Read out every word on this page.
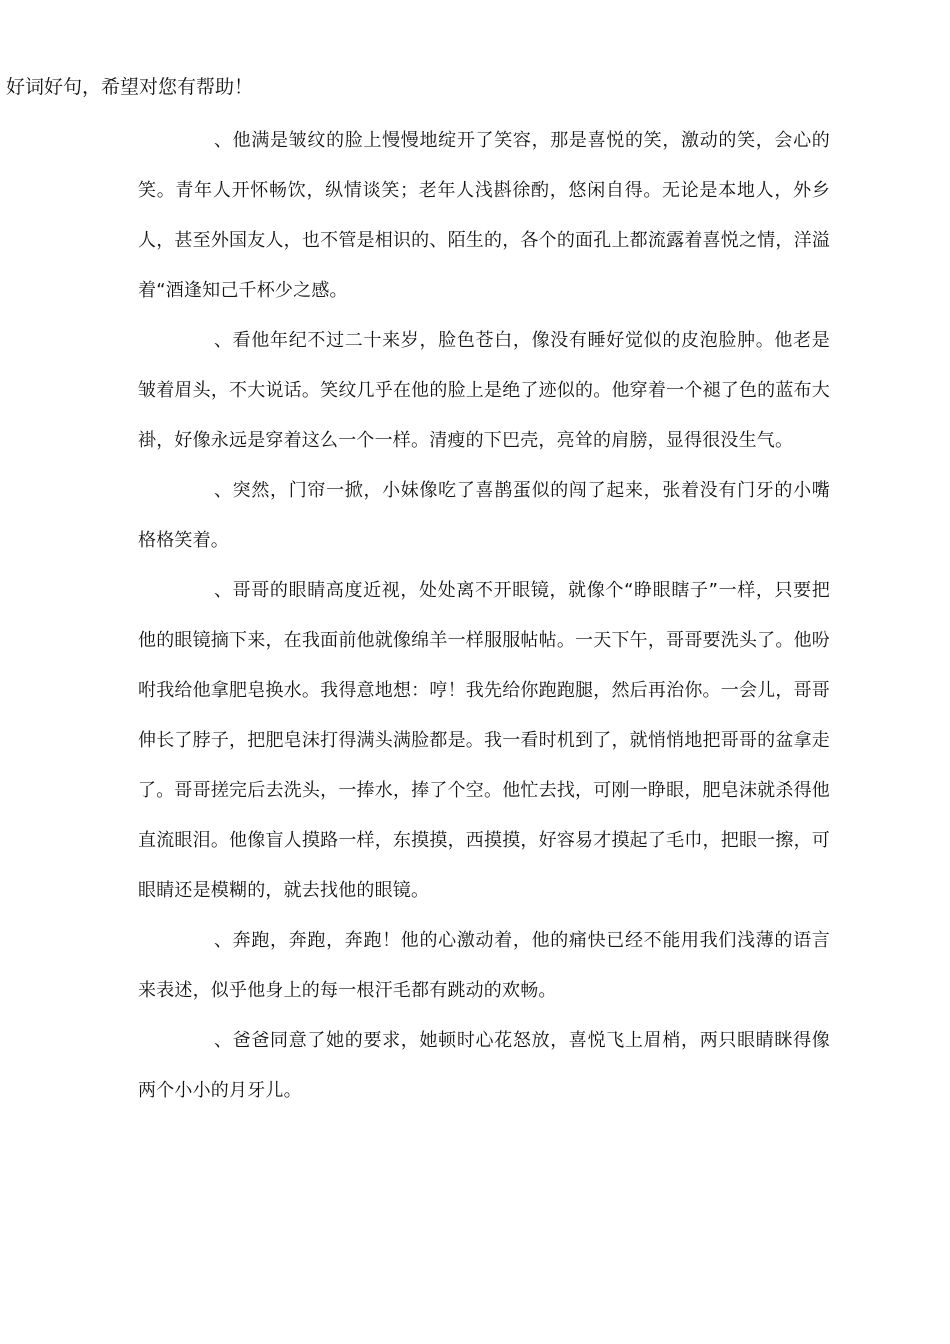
好词好句，希望对您有帮助！

、他满是皱纹的脸上慢慢地绽开了笑容，那是喜悦的笑，激动的笑，会心的笑。青年人开怀畅饮，纵情谈笑；老年人浅斟徐酌，悠闲自得。无论是本地人，外乡人，甚至外国友人，也不管是相识的、陌生的，各个的面孔上都流露着喜悦之情，洋溢着“酒逢知己千杯少之感。

、看他年纪不过二十来岁，脸色苍白，像没有睡好觉似的皮泡脸肿。他老是皱着眉头，不大说话。笑纹几乎在他的脸上是绝了迹似的。他穿着一个褪了色的蓝布大褂，好像永远是穿着这么一个一样。清瘦的下巴壳，亮耸的肩膀，显得很没生气。

、突然，门帘一掀，小妹像吃了喜鹊蛋似的闯了起来，张着没有门牙的小嘴格格笑着。

、哥哥的眼睛高度近视，处处离不开眼镜，就像个“睁眼瞎子”一样，只要把他的眼镜摘下来，在我面前他就像绵羊一样服服帖帖。一天下午，哥哥要洗头了。他吩咐我给他拿肥皂换水。我得意地想：哼！我先给你跑跑腿，然后再治你。一会儿，哥哥伸长了脖子，把肥皂沫打得满头满脸都是。我一看时机到了，就悄悄地把哥哥的盆拿走了。哥哥搓完后去洗头，一捧水，捧了个空。他忙去找，可刚一睁眼，肥皂沫就杀得他直流眼泪。他像盲人摸路一样，东摸摸，西摸摸，好容易才摸起了毛巾，把眼一擦，可眼睛还是模糊的，就去找他的眼镜。

、奔跑，奔跑，奔跑！他的心激动着，他的痛快已经不能用我们浅薄的语言来表述，似乎他身上的每一根汗毛都有跳动的欢畅。

、爸爸同意了她的要求，她顿时心花怒放，喜悦飞上眉梢，两只眼睛眯得像两个小小的月牙儿。
